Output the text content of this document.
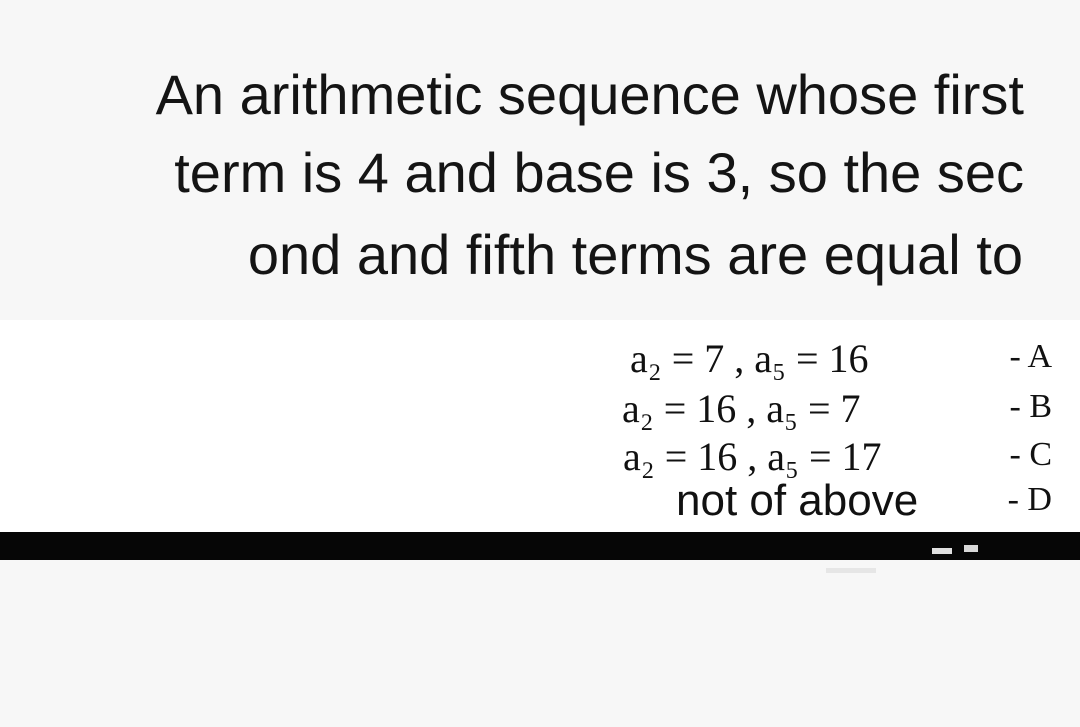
An arithmetic sequence whose first
term is 4 and base is 3, so the sec
ond and fifth terms are equal to
a₂ = 7 , a₅ = 16	- A
a₂ = 16 , a₅ = 7	- B
a₂ = 16 , a₅ = 17	- C
not of above	- D
